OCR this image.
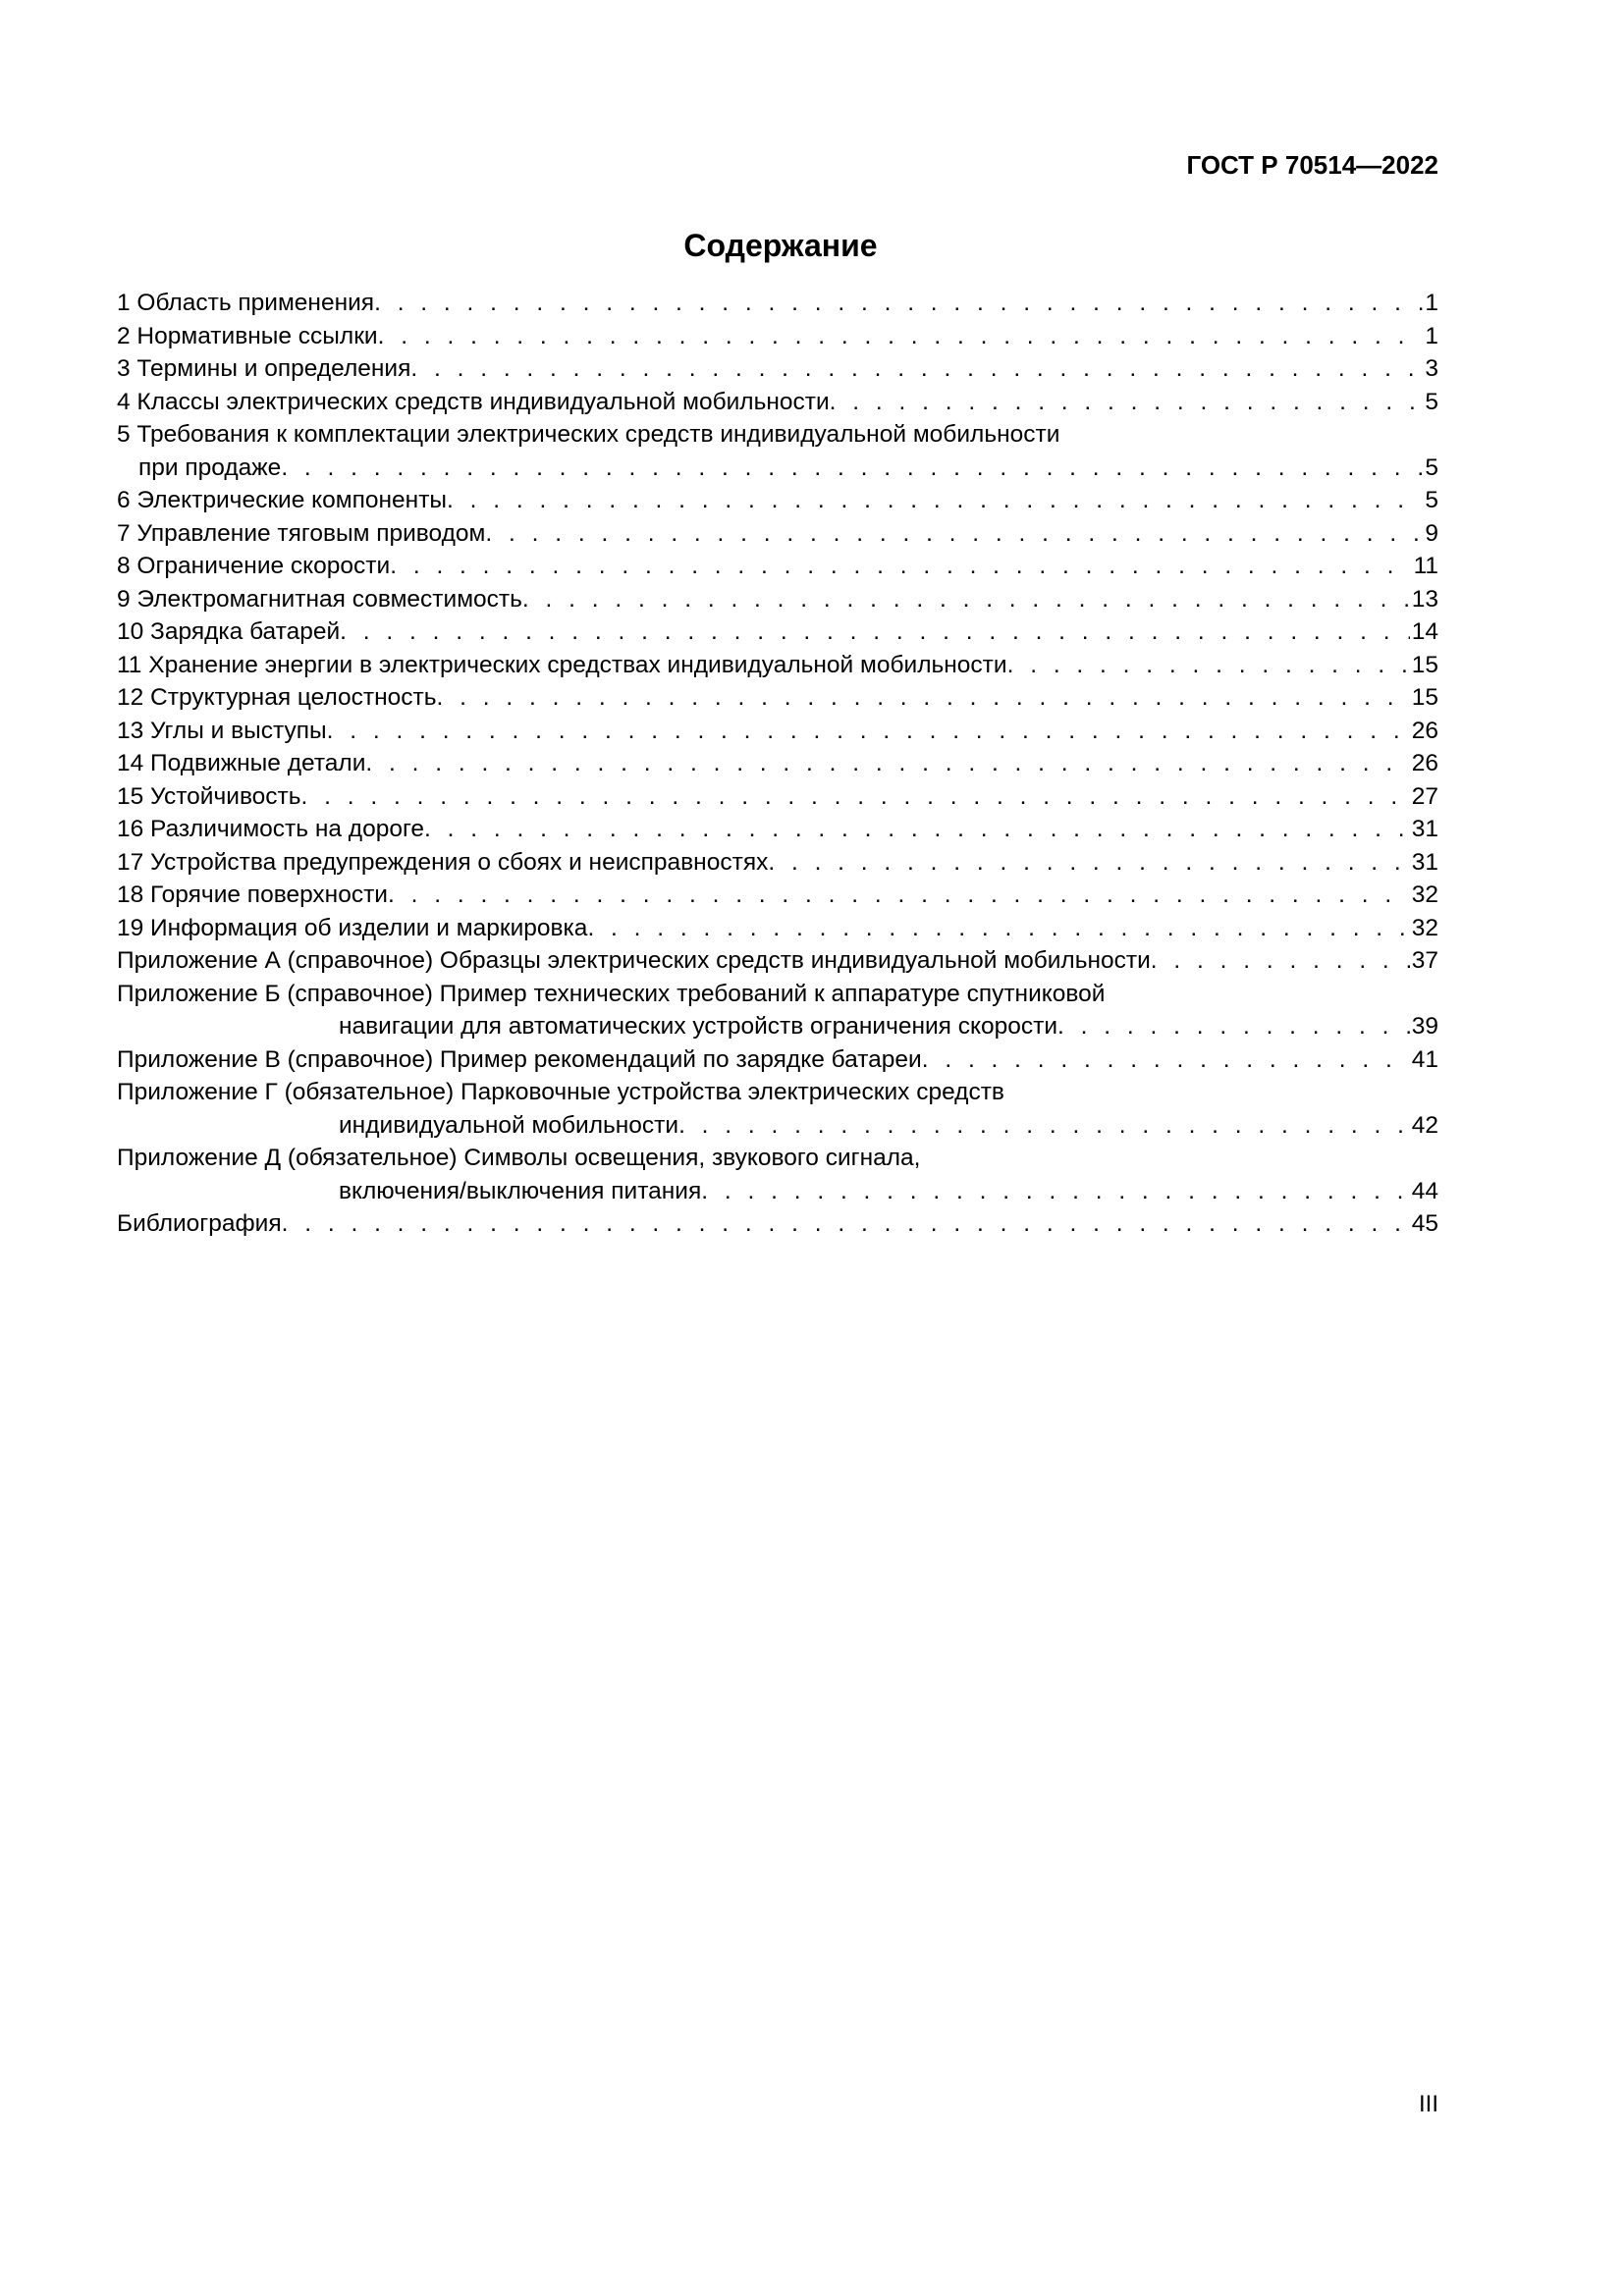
ГОСТ Р 70514—2022
Содержание
1 Область применения . . .	1
2 Нормативные ссылки . . .	1
3 Термины и определения . . .	3
4 Классы электрических средств индивидуальной мобильности . . .	5
5 Требования к комплектации электрических средств индивидуальной мобильности
при продаже . . .	5
6 Электрические компоненты . . .	5
7 Управление тяговым приводом . . .	9
8 Ограничение скорости . . .	11
9 Электромагнитная совместимость . . .	13
10 Зарядка батарей . . .	14
11 Хранение энергии в электрических средствах индивидуальной мобильности . . .	15
12 Структурная целостность . . .	15
13 Углы и выступы . . .	26
14 Подвижные детали . . .	26
15 Устойчивость . . .	27
16 Различимость на дороге . . .	31
17 Устройства предупреждения о сбоях и неисправностях . . .	31
18 Горячие поверхности . . .	32
19 Информация об изделии и маркировка . . .	32
Приложение А (справочное) Образцы электрических средств индивидуальной мобильности . . .	37
Приложение Б (справочное) Пример технических требований к аппаратуре спутниковой
навигации для автоматических устройств ограничения скорости . . .	39
Приложение В (справочное) Пример рекомендаций по зарядке батареи . . .	41
Приложение Г (обязательное) Парковочные устройства электрических средств
индивидуальной мобильности . . .	42
Приложение Д (обязательное) Символы освещения, звукового сигнала,
включения/выключения питания . . .	44
Библиография . . .	45
III
